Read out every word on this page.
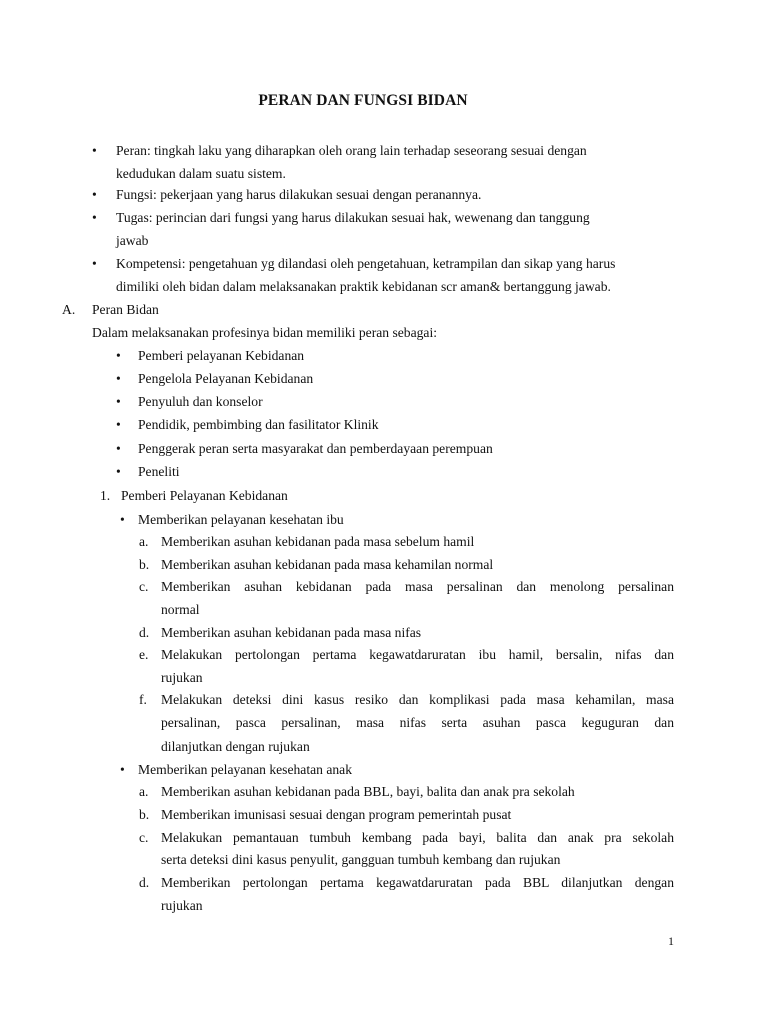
PERAN DAN FUNGSI BIDAN
• Peran: tingkah laku yang diharapkan oleh orang lain terhadap seseorang sesuai dengan
kedudukan dalam suatu sistem.
• Fungsi: pekerjaan yang harus dilakukan sesuai dengan peranannya.
• Tugas: perincian dari fungsi yang harus dilakukan sesuai hak, wewenang dan tanggung
jawab
• Kompetensi: pengetahuan yg dilandasi oleh pengetahuan, ketrampilan dan sikap yang harus
dimiliki oleh bidan dalam melaksanakan praktik kebidanan scr aman& bertanggung jawab.
A. Peran Bidan
Dalam melaksanakan profesinya bidan memiliki peran sebagai:
• Pemberi pelayanan Kebidanan
• Pengelola Pelayanan Kebidanan
• Penyuluh dan konselor
• Pendidik, pembimbing dan fasilitator Klinik
• Penggerak peran serta masyarakat dan pemberdayaan perempuan
• Peneliti
1. Pemberi Pelayanan Kebidanan
• Memberikan pelayanan kesehatan ibu
a. Memberikan asuhan kebidanan pada masa sebelum hamil
b. Memberikan asuhan kebidanan pada masa kehamilan normal
c. Memberikan asuhan kebidanan pada masa persalinan dan menolong persalinan
normal
d. Memberikan asuhan kebidanan pada masa nifas
e. Melakukan pertolongan pertama kegawatdaruratan ibu hamil, bersalin, nifas dan
rujukan
f. Melakukan deteksi dini kasus resiko dan komplikasi pada masa kehamilan, masa
persalinan, pasca persalinan, masa nifas serta asuhan pasca keguguran dan
dilanjutkan dengan rujukan
• Memberikan pelayanan kesehatan anak
a. Memberikan asuhan kebidanan pada BBL, bayi, balita dan anak pra sekolah
b. Memberikan imunisasi sesuai dengan program pemerintah pusat
c. Melakukan pemantauan tumbuh kembang pada bayi, balita dan anak pra sekolah
serta deteksi dini kasus penyulit, gangguan tumbuh kembang dan rujukan
d. Memberikan pertolongan pertama kegawatdaruratan pada BBL dilanjutkan dengan
rujukan
1
